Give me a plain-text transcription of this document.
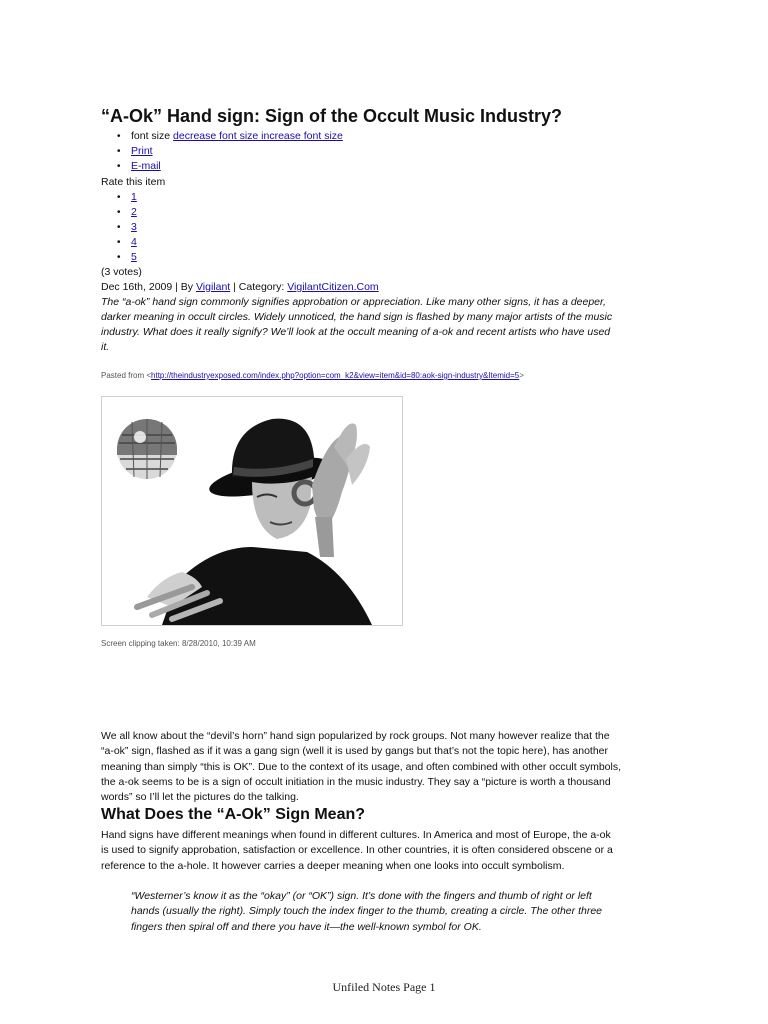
“A-Ok” Hand sign: Sign of the Occult Music Industry?
• font size decrease font size increase font size
• Print
• E-mail
Rate this item
• 1
• 2
• 3
• 4
• 5
(3 votes)
Dec 16th, 2009 | By Vigilant | Category: VigilantCitizen.Com
The “a-ok” hand sign commonly signifies approbation or appreciation. Like many other signs, it has a deeper, darker meaning in occult circles. Widely unnoticed, the hand sign is flashed by many major artists of the music industry. What does it really signify? We’ll look at the occult meaning of a-ok and recent artists who have used it.
Pasted from <http://theindustryexposed.com/index.php?option=com_k2&view=item&id=80:aok-sign-industry&Itemid=5>
Screen clipping taken: 8/28/2010, 10:39 AM
We all know about the “devil’s horn” hand sign popularized by rock groups. Not many however realize that the “a-ok” sign, flashed as if it was a gang sign (well it is used by gangs but that’s not the topic here), has another meaning than simply “this is OK”. Due to the context of its usage, and often combined with other occult symbols, the a-ok seems to be is a sign of occult initiation in the music industry. They say a “picture is worth a thousand words” so I’ll let the pictures do the talking.
What Does the “A-Ok” Sign Mean?
Hand signs have different meanings when found in different cultures. In America and most of Europe, the a-ok is used to signify approbation, satisfaction or excellence. In other countries, it is often considered obscene or a reference to the a-hole. It however carries a deeper meaning when one looks into occult symbolism.
“Westerner’s know it as the “okay” (or “OK”) sign. It’s done with the fingers and thumb of right or left hands (usually the right). Simply touch the index finger to the thumb, creating a circle. The other three fingers then spiral off and there you have it—the well-known symbol for OK.
Unfiled Notes Page 1
